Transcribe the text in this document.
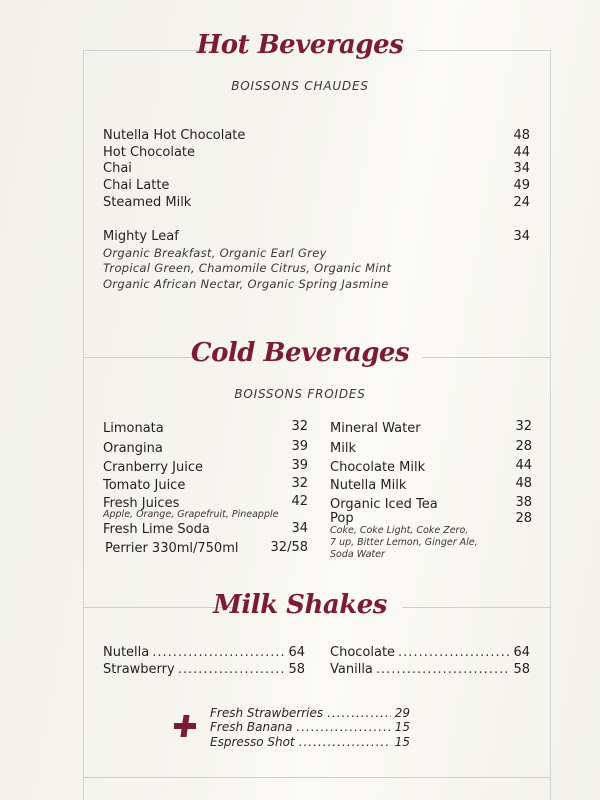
Hot Beverages
BOISSONS CHAUDES
Nutella Hot Chocolate	48
Hot Chocolate	44
Chai	34
Chai Latte	49
Steamed Milk	24
Mighty Leaf	34
Organic Breakfast, Organic Earl Grey
Tropical Green, Chamomile Citrus, Organic Mint
Organic African Nectar, Organic Spring Jasmine
Cold Beverages
BOISSONS FROIDES
Limonata	32
Orangina	39
Cranberry Juice	39
Tomato Juice	32
Fresh Juices	42
Apple, Orange, Grapefruit, Pineapple
Fresh Lime Soda	34
Perrier 330ml/750ml	32/58
Mineral Water	32
Milk	28
Chocolate Milk	44
Nutella Milk	48
Organic Iced Tea	38
Pop	28
Coke, Coke Light, Coke Zero,
7 up, Bitter Lemon, Ginger Ale,
Soda Water
Milk Shakes
Nutella .....	64
Strawberry .....	58
Chocolate .....	64
Vanilla .....	58
Fresh Strawberries .....	29
Fresh Banana .....	15
Espresso Shot .....	15
